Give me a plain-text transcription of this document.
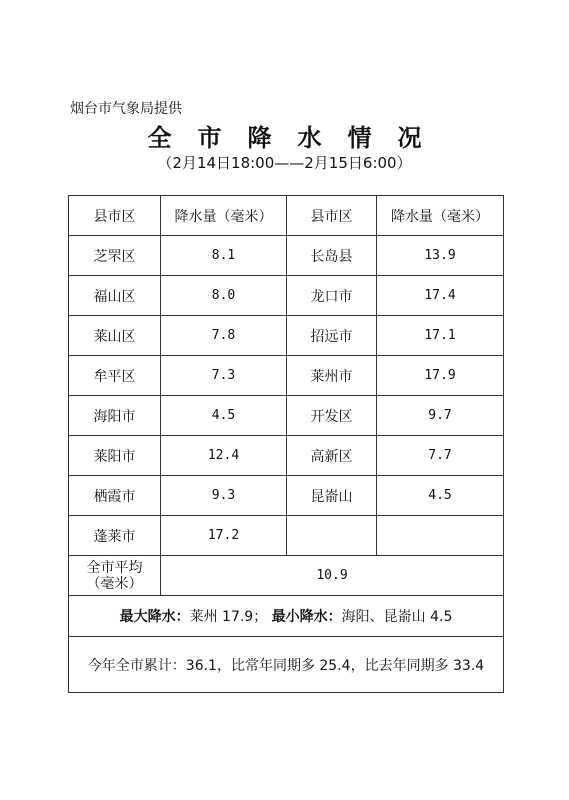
烟台市气象局提供
全市降水情况
（2月14日18:00——2月15日6:00）
县市区	降水量（毫米）	县市区	降水量（毫米）
芝罘区	8.1	长岛县	13.9
福山区	8.0	龙口市	17.4
莱山区	7.8	招远市	17.1
牟平区	7.3	莱州市	17.9
海阳市	4.5	开发区	9.7
莱阳市	12.4	高新区	7.7
栖霞市	9.3	昆嵛山	4.5
蓬莱市	17.2		

全市平均
（毫米）	10.9		
最大降水：莱州 17.9； 最小降水：海阳、昆嵛山 4.5			
今年全市累计：36.1，比常年同期多 25.4，比去年同期多 33.4			
